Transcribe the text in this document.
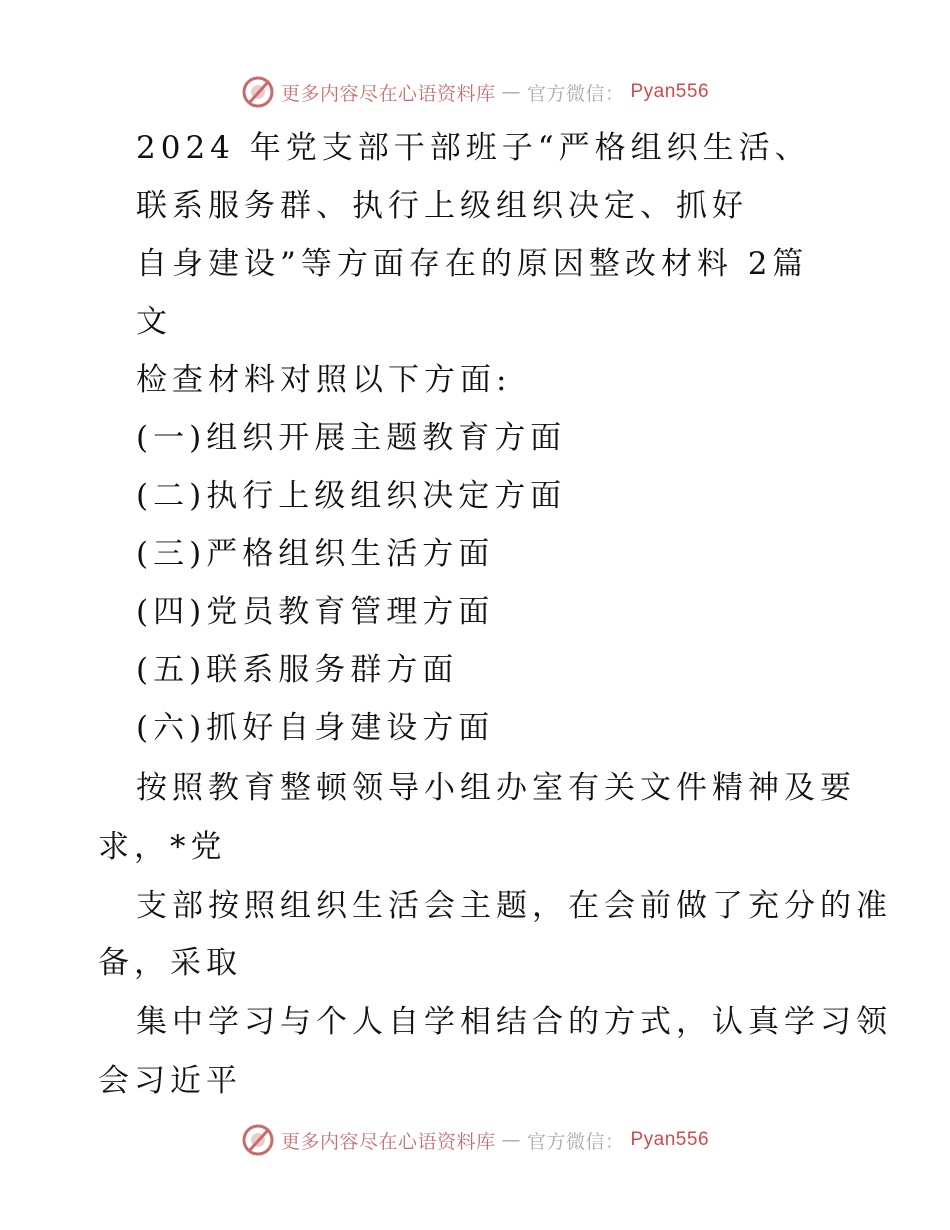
更多内容尽在心语资料库 — 官方微信： Pyan556
2024 年党支部干部班子“严格组织生活、
联系服务群、执行上级组织决定、抓好
自身建设”等方面存在的原因整改材料 2篇
文
检查材料对照以下方面:
(一)组织开展主题教育方面
(二)执行上级组织决定方面
(三)严格组织生活方面
(四)党员教育管理方面
(五)联系服务群方面
(六)抓好自身建设方面
按照教育整顿领导小组办室有关文件精神及要
求，*党
支部按照组织生活会主题，在会前做了充分的准
备，采取
集中学习与个人自学相结合的方式，认真学习领
会习近平
更多内容尽在心语资料库 — 官方微信： Pyan556
